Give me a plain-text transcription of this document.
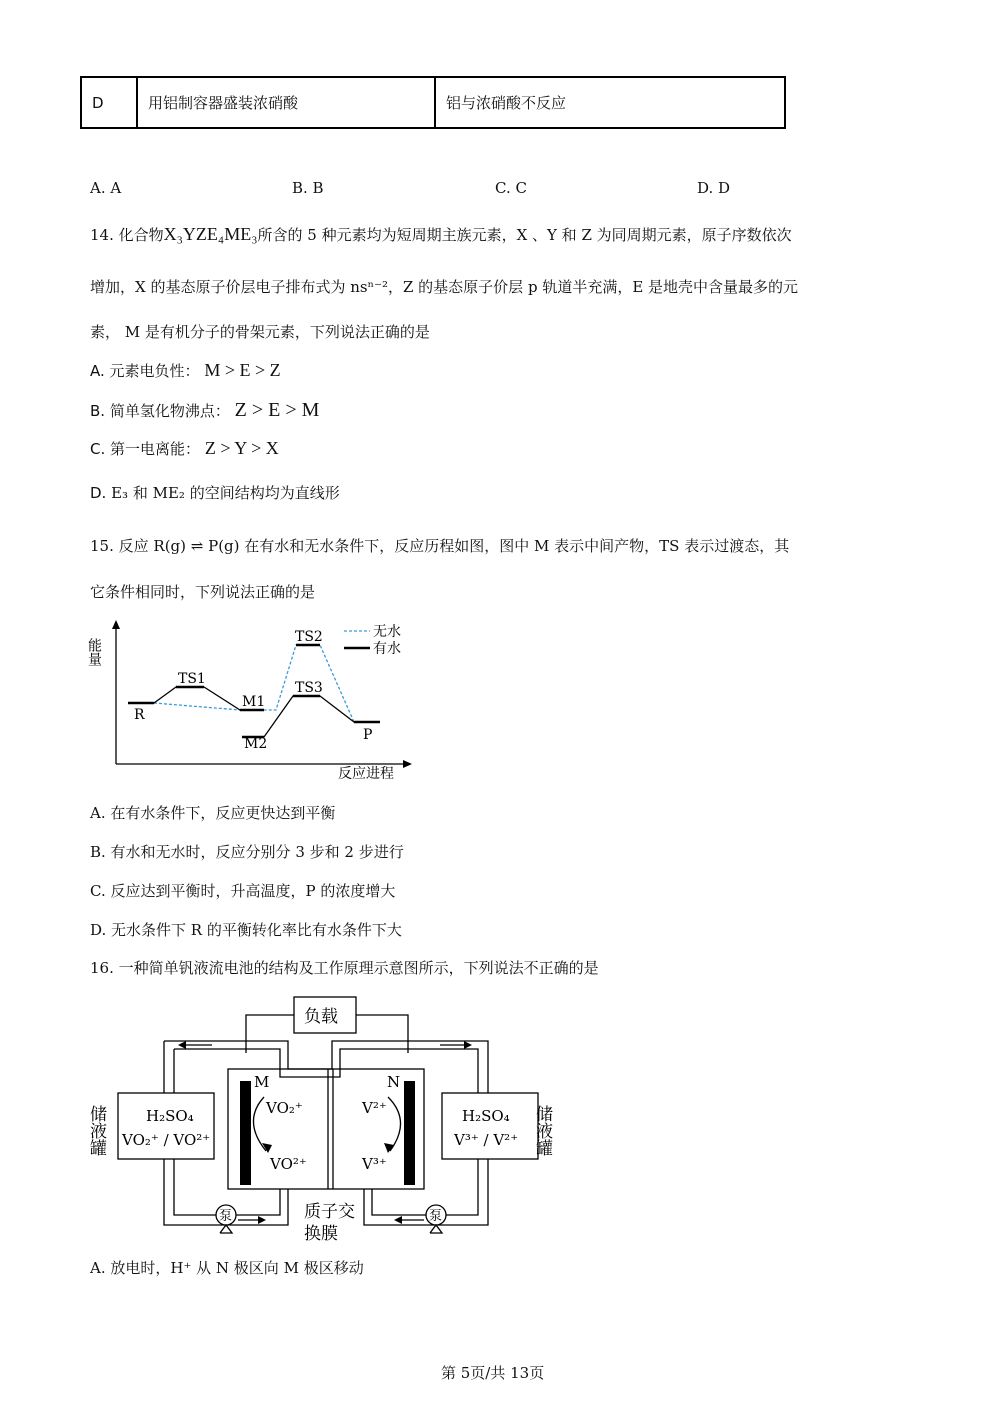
D	用铝制容器盛装浓硝酸	铝与浓硝酸不反应
A. A	B. B	C. C	D. D
14. 化合物X₃YZE₄ME₃所含的 5 种元素均为短周期主族元素，X 、Y 和 Z 为同周期元素，原子序数依次
增加，X 的基态原子价层电子排布式为 nsⁿ⁻²，Z 的基态原子价层 p 轨道半充满，E 是地壳中含量最多的元
素， M 是有机分子的骨架元素，下列说法正确的是
A. 元素电负性： M > E > Z
B. 简单氢化物沸点： Z > E > M
C. 第一电离能： Z > Y > X
D. E₃ 和 ME₂ 的空间结构均为直线形
15. 反应 R(g) ⇌ P(g) 在有水和无水条件下，反应历程如图，图中 M 表示中间产物，TS 表示过渡态，其
它条件相同时，下列说法正确的是
能量
反应进程
无水
有水
R
TS1
M1
M2
TS2
TS3
P
A. 在有水条件下，反应更快达到平衡
B. 有水和无水时，反应分别分 3 步和 2 步进行
C. 反应达到平衡时，升高温度，P 的浓度增大
D. 无水条件下 R 的平衡转化率比有水条件下大
16. 一种简单钒液流电池的结构及工作原理示意图所示，下列说法不正确的是
负载
M	N
VO₂⁺
VO²⁺
V²⁺
V³⁺
H₂SO₄
VO₂⁺ / VO²⁺
H₂SO₄
V³⁺ / V²⁺
储液罐	储液罐
泵	泵
质子交
换膜
A. 放电时，H⁺ 从 N 极区向 M 极区移动
第 5页/共 13页
